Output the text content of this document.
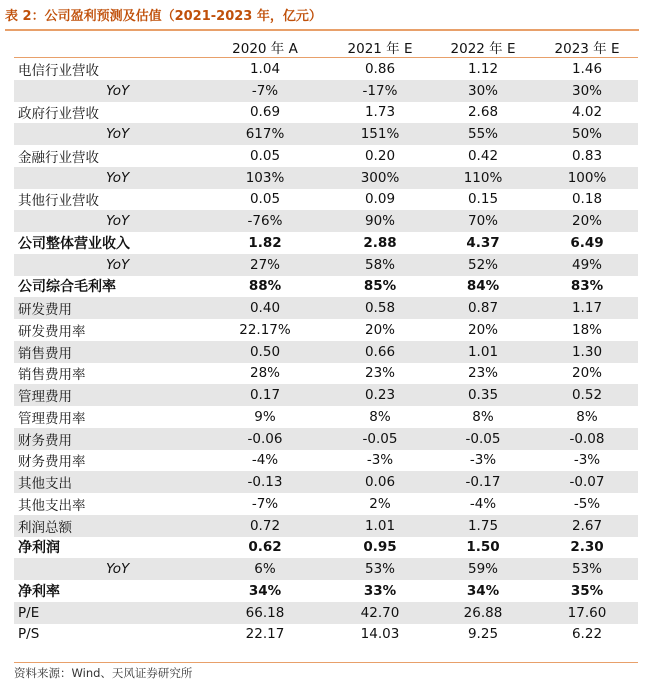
表 2：公司盈利预测及估值（2021-2023 年，亿元）
	2020 年 A	2021 年 E	2022 年 E	2023 年 E
电信行业营收	1.04	0.86	1.12	1.46
YoY	-7%	-17%	30%	30%
政府行业营收	0.69	1.73	2.68	4.02
YoY	617%	151%	55%	50%
金融行业营收	0.05	0.20	0.42	0.83
YoY	103%	300%	110%	100%
其他行业营收	0.05	0.09	0.15	0.18
YoY	-76%	90%	70%	20%
公司整体营业收入	1.82	2.88	4.37	6.49
YoY	27%	58%	52%	49%
公司综合毛利率	88%	85%	84%	83%
研发费用	0.40	0.58	0.87	1.17
研发费用率	22.17%	20%	20%	18%
销售费用	0.50	0.66	1.01	1.30
销售费用率	28%	23%	23%	20%
管理费用	0.17	0.23	0.35	0.52
管理费用率	9%	8%	8%	8%
财务费用	-0.06	-0.05	-0.05	-0.08
财务费用率	-4%	-3%	-3%	-3%
其他支出	-0.13	0.06	-0.17	-0.07
其他支出率	-7%	2%	-4%	-5%
利润总额	0.72	1.01	1.75	2.67
净利润	0.62	0.95	1.50	2.30
YoY	6%	53%	59%	53%
净利率	34%	33%	34%	35%
P/E	66.18	42.70	26.88	17.60
P/S	22.17	14.03	9.25	6.22
资料来源：Wind、天风证券研究所
